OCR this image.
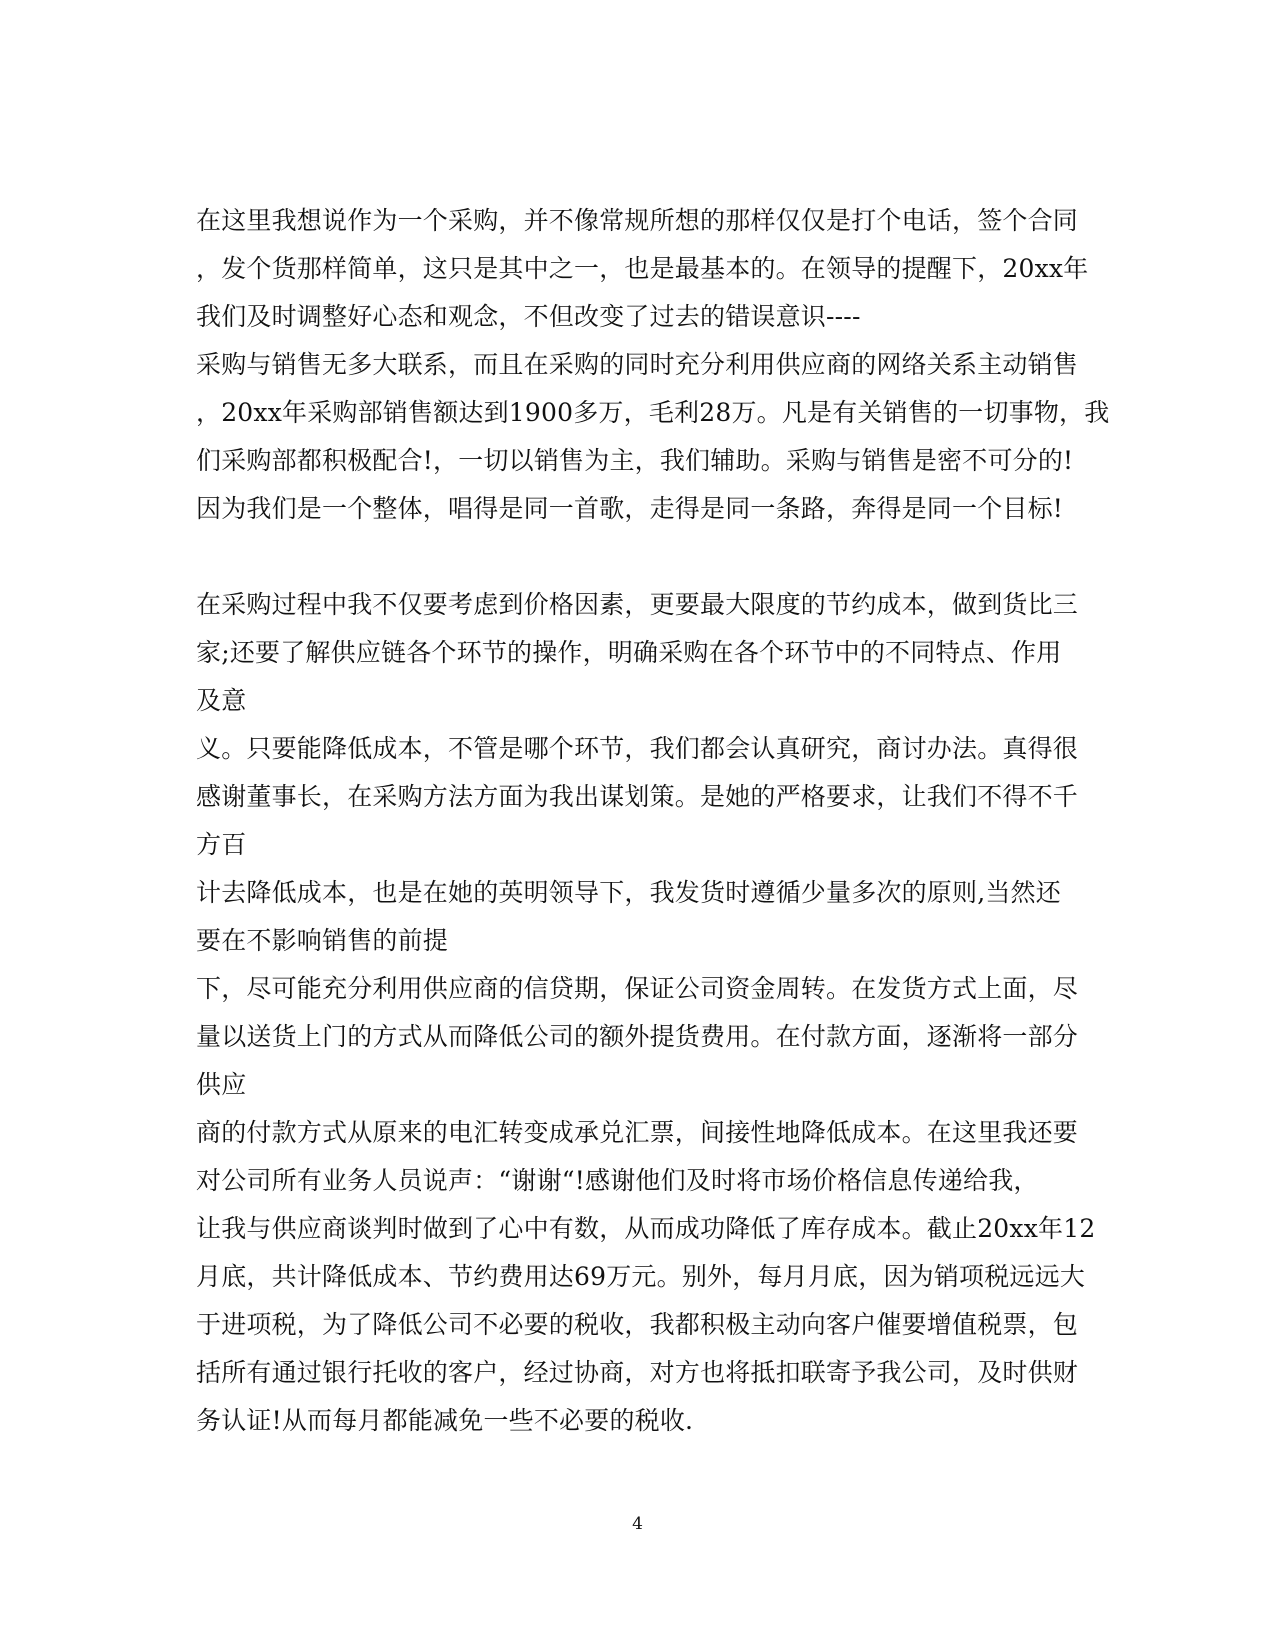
在这里我想说作为一个采购，并不像常规所想的那样仅仅是打个电话，签个合同
，发个货那样简单，这只是其中之一，也是最基本的。在领导的提醒下，20xx年
我们及时调整好心态和观念，不但改变了过去的错误意识----
采购与销售无多大联系，而且在采购的同时充分利用供应商的网络关系主动销售
，20xx年采购部销售额达到1900多万，毛利28万。凡是有关销售的一切事物，我
们采购部都积极配合!，一切以销售为主，我们辅助。采购与销售是密不可分的!
因为我们是一个整体，唱得是同一首歌，走得是同一条路，奔得是同一个目标!
在采购过程中我不仅要考虑到价格因素，更要最大限度的节约成本，做到货比三
家;还要了解供应链各个环节的操作，明确采购在各个环节中的不同特点、作用
及意
义。只要能降低成本，不管是哪个环节，我们都会认真研究，商讨办法。真得很
感谢董事长，在采购方法方面为我出谋划策。是她的严格要求，让我们不得不千
方百
计去降低成本，也是在她的英明领导下，我发货时遵循少量多次的原则,当然还
要在不影响销售的前提
下，尽可能充分利用供应商的信贷期，保证公司资金周转。在发货方式上面，尽
量以送货上门的方式从而降低公司的额外提货费用。在付款方面，逐渐将一部分
供应
商的付款方式从原来的电汇转变成承兑汇票，间接性地降低成本。在这里我还要
对公司所有业务人员说声：“谢谢“!感谢他们及时将市场价格信息传递给我，
让我与供应商谈判时做到了心中有数，从而成功降低了库存成本。截止20xx年12
月底，共计降低成本、节约费用达69万元。别外，每月月底，因为销项税远远大
于进项税，为了降低公司不必要的税收，我都积极主动向客户催要增值税票，包
括所有通过银行托收的客户，经过协商，对方也将抵扣联寄予我公司，及时供财
务认证!从而每月都能减免一些不必要的税收.
4
